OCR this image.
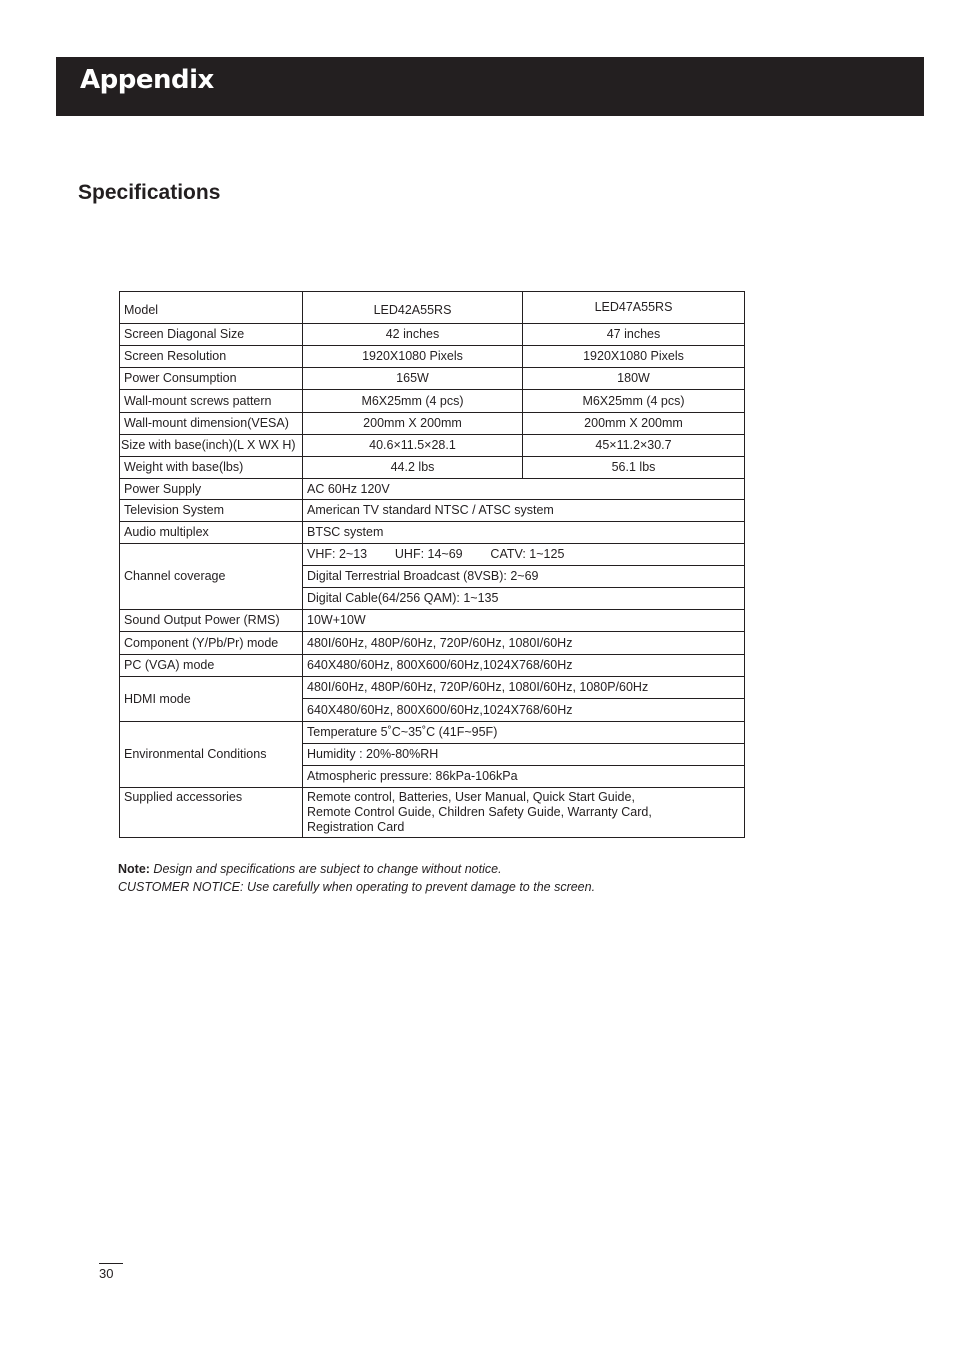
Appendix
Specifications
Model	LED42A55RS	LED47A55RS
Screen Diagonal Size	42 inches	47 inches
Screen Resolution	1920X1080 Pixels	1920X1080 Pixels
Power Consumption	165W	180W
Wall-mount screws pattern	M6X25mm (4 pcs)	M6X25mm (4 pcs)
Wall-mount dimension(VESA)	200mm X 200mm	200mm X 200mm
Size with base(inch)(L X WX H)	40.6×11.5×28.1	45×11.2×30.7
Weight with base(lbs)	44.2 lbs	56.1 lbs
Power Supply	AC 60Hz 120V	
Television System	American TV standard NTSC / ATSC system	
Audio multiplex	BTSC system	
Channel coverage	VHF: 2~13        UHF: 14~69        CATV: 1~125	
	Digital Terrestrial Broadcast (8VSB): 2~69	
	Digital Cable(64/256 QAM): 1~135	
Sound Output Power (RMS)	10W+10W	
Component (Y/Pb/Pr) mode	480I/60Hz, 480P/60Hz, 720P/60Hz, 1080I/60Hz	
PC (VGA) mode	640X480/60Hz, 800X600/60Hz,1024X768/60Hz	
HDMI mode	480I/60Hz, 480P/60Hz, 720P/60Hz, 1080I/60Hz, 1080P/60Hz	
	640X480/60Hz, 800X600/60Hz,1024X768/60Hz	
Environmental Conditions	Temperature 5˚C~35˚C (41F~95F)	
	Humidity : 20%-80%RH	
	Atmospheric pressure: 86kPa-106kPa	
Supplied accessories	Remote control, Batteries, User Manual, Quick Start Guide,
Remote Control Guide, Children Safety Guide, Warranty Card,
Registration Card	
Note: Design and specifications are subject to change without notice.
CUSTOMER NOTICE: Use carefully when operating to prevent damage to the screen.
30
